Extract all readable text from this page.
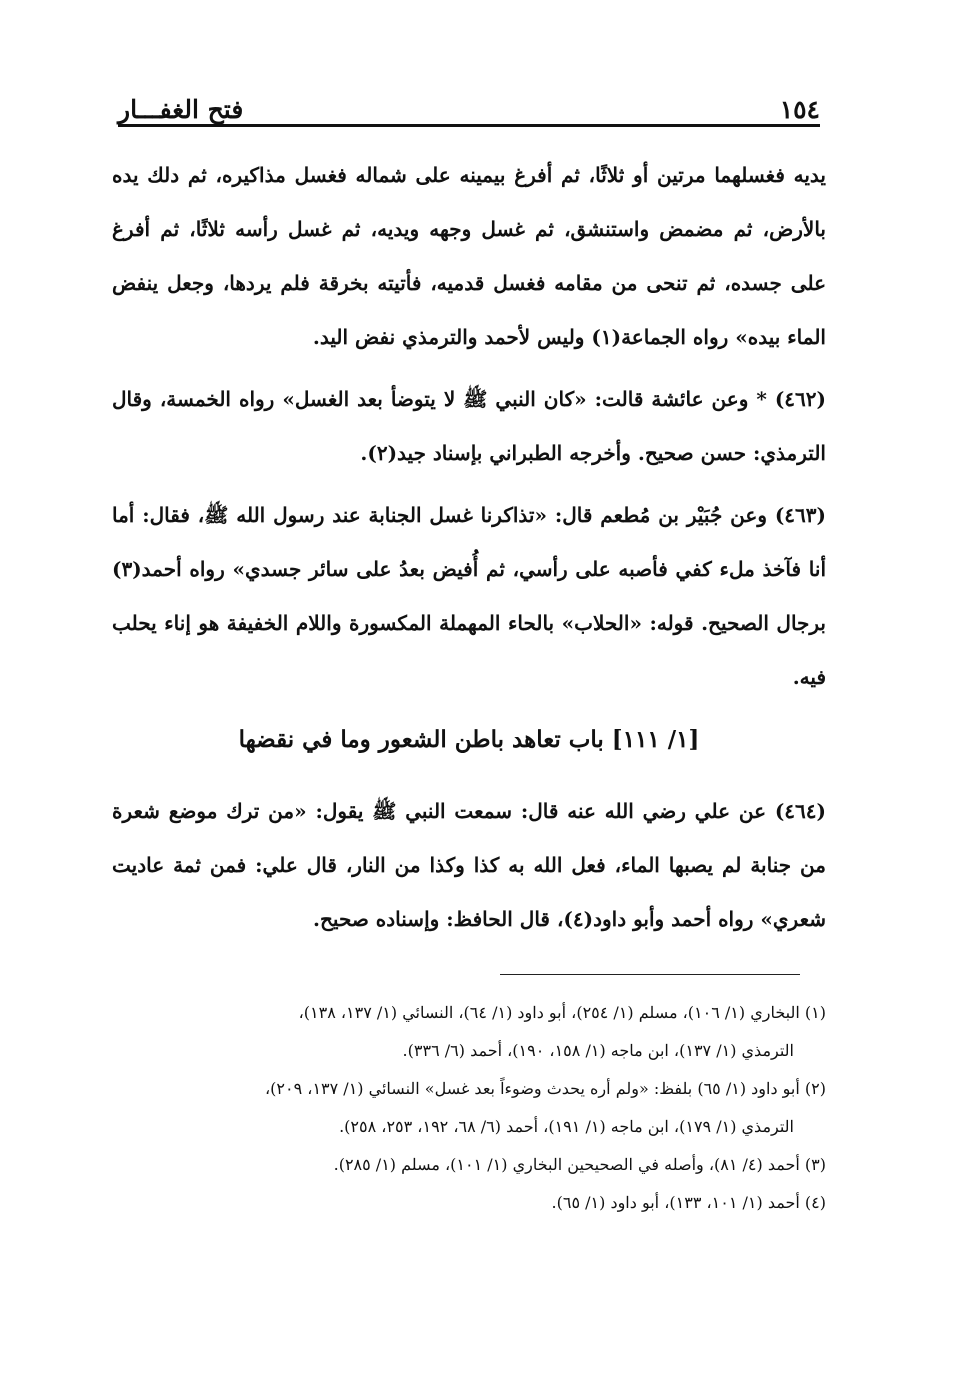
١٥٤
فتح الغفـــار

يديه فغسلهما مرتين أو ثلاثًا، ثم أفرغ بيمينه على شماله فغسل مذاكيره، ثم دلك يده بالأرض، ثم مضمض واستنشق، ثم غسل وجهه ويديه، ثم غسل رأسه ثلاثًا، ثم أفرغ على جسده، ثم تنحى من مقامه فغسل قدميه، فأتيته بخرقة فلم يردها، وجعل ينفض الماء بيده» رواه الجماعة(١) وليس لأحمد والترمذي نفض اليد.

(٤٦٢) * وعن عائشة قالت: «كان النبي ﷺ لا يتوضأ بعد الغسل» رواه الخمسة، وقال الترمذي: حسن صحيح. وأخرجه الطبراني بإسناد جيد(٢).

(٤٦٣) وعن جُبَيْر بن مُطعم قال: «تذاكرنا غسل الجنابة عند رسول الله ﷺ، فقال: أما أنا فآخذ ملء كفي فأصبه على رأسي، ثم أُفيض بعدُ على سائر جسدي» رواه أحمد(٣) برجال الصحيح. قوله: «الحلاب» بالحاء المهملة المكسورة واللام الخفيفة هو إناء يحلب فيه.

[١/ ١١١] باب تعاهد باطن الشعور وما في نقضها

(٤٦٤) عن علي رضي الله عنه قال: سمعت النبي ﷺ يقول: «من ترك موضع شعرة من جنابة لم يصبها الماء، فعل الله به كذا وكذا من النار، قال علي: فمن ثمة عاديت شعري» رواه أحمد وأبو داود(٤)، قال الحافظ: وإسناده صحيح.

(١) البخاري (١/ ١٠٦)، مسلم (١/ ٢٥٤)، أبو داود (١/ ٦٤)، النسائي (١/ ١٣٧، ١٣٨)،
الترمذي (١/ ١٣٧)، ابن ماجه (١/ ١٥٨، ١٩٠)، أحمد (٦/ ٣٣٦).

(٢) أبو داود (١/ ٦٥) بلفظ: «ولم أره يحدث وضوءاً بعد غسل» النسائي (١/ ١٣٧، ٢٠٩)،
الترمذي (١/ ١٧٩)، ابن ماجه (١/ ١٩١)، أحمد (٦/ ٦٨، ١٩٢، ٢٥٣، ٢٥٨).

(٣) أحمد (٤/ ٨١)، وأصله في الصحيحين البخاري (١/ ١٠١)، مسلم (١/ ٢٨٥).

(٤) أحمد (١/ ١٠١، ١٣٣)، أبو داود (١/ ٦٥).
